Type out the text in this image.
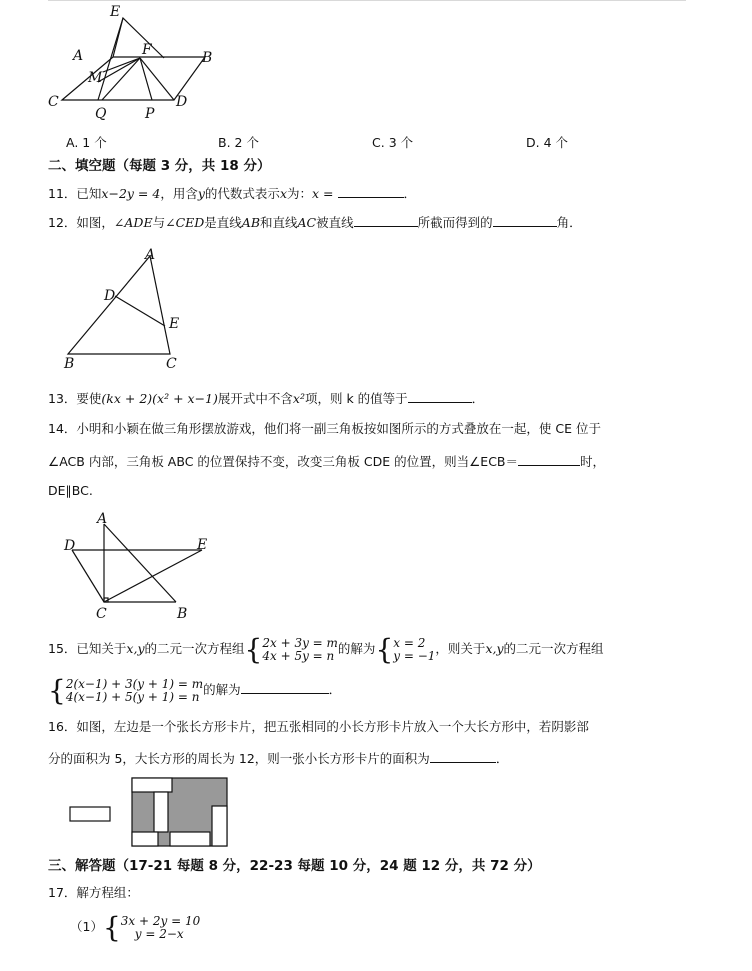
E
A	F	B
M
C
Q	P
D
A. 1 个	B. 2 个	C. 3 个	D. 4 个
二、填空题（每题 3 分，共 18 分）
11．已知x−2y = 4，用含y的代数式表示x为：x =	．
12．如图，∠ADE与∠CED是直线AB和直线AC被直线	所截而得到的	角．
A
D
E
B	C
13．要使(kx + 2)(x² + x−1)展开式中不含x²项，则 k 的值等于	．
14．小明和小颖在做三角形摆放游戏，他们将一副三角板按如图所示的方式叠放在一起，使 CE 位于
∠ACB 内部，三角板 ABC 的位置保持不变，改变三角板 CDE 的位置，则当∠ECB＝	时，
DE∥BC.
A
D	E
C	B
15．已知关于x,y的二元一次方程组{2x + 3y = m
4x + 5y = n 的解为{x = 2
y = −1，则关于x,y的二元一次方程组
{2(x−1) + 3(y + 1) = m
4(x−1) + 5(y + 1) = n 的解为	．
16．如图，左边是一个张长方形卡片，把五张相同的小长方形卡片放入一个大长方形中，若阴影部
分的面积为 5，大长方形的周长为 12，则一张小长方形卡片的面积为	．
三、解答题（17-21 每题 8 分，22-23 每题 10 分，24 题 12 分，共 72 分）
17．解方程组：
（1）{3x + 2y = 10
y = 2−x
